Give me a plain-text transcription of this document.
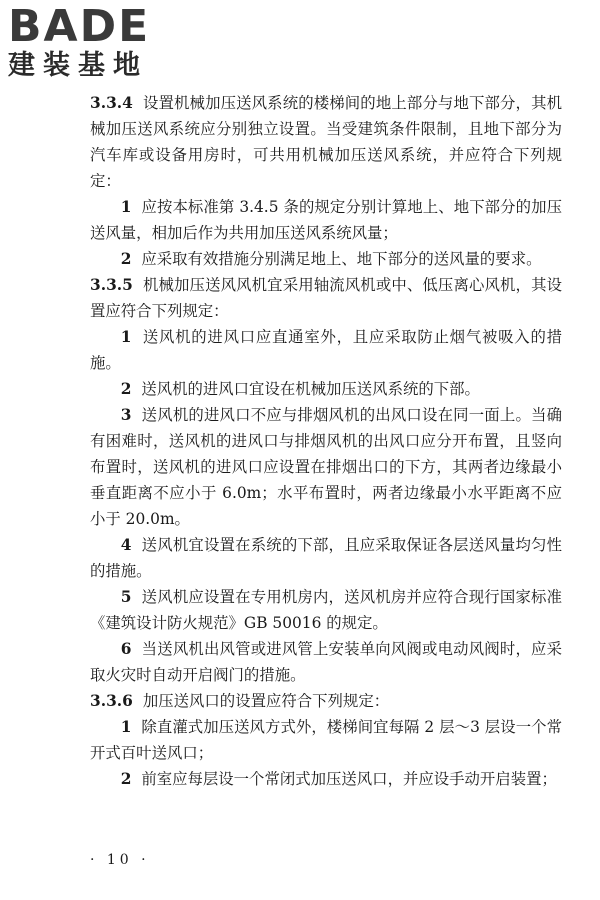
BADE
建装基地

3.3.4 设置机械加压送风系统的楼梯间的地上部分与地下部分，其机械加压送风系统应分别独立设置。当受建筑条件限制，且地下部分为汽车库或设备用房时，可共用机械加压送风系统，并应符合下列规定：

1 应按本标准第 3.4.5 条的规定分别计算地上、地下部分的加压送风量，相加后作为共用加压送风系统风量；

2 应采取有效措施分别满足地上、地下部分的送风量的要求。

3.3.5 机械加压送风风机宜采用轴流风机或中、低压离心风机，其设置应符合下列规定：

1 送风机的进风口应直通室外，且应采取防止烟气被吸入的措施。

2 送风机的进风口宜设在机械加压送风系统的下部。

3 送风机的进风口不应与排烟风机的出风口设在同一面上。当确有困难时，送风机的进风口与排烟风机的出风口应分开布置，且竖向布置时，送风机的进风口应设置在排烟出口的下方，其两者边缘最小垂直距离不应小于 6.0m；水平布置时，两者边缘最小水平距离不应小于 20.0m。

4 送风机宜设置在系统的下部，且应采取保证各层送风量均匀性的措施。

5 送风机应设置在专用机房内，送风机房并应符合现行国家标准《建筑设计防火规范》GB 50016 的规定。

6 当送风机出风管或进风管上安装单向风阀或电动风阀时，应采取火灾时自动开启阀门的措施。

3.3.6 加压送风口的设置应符合下列规定：

1 除直灌式加压送风方式外，楼梯间宜每隔 2 层～3 层设一个常开式百叶送风口；

2 前室应每层设一个常闭式加压送风口，并应设手动开启装置；

· 10 ·
